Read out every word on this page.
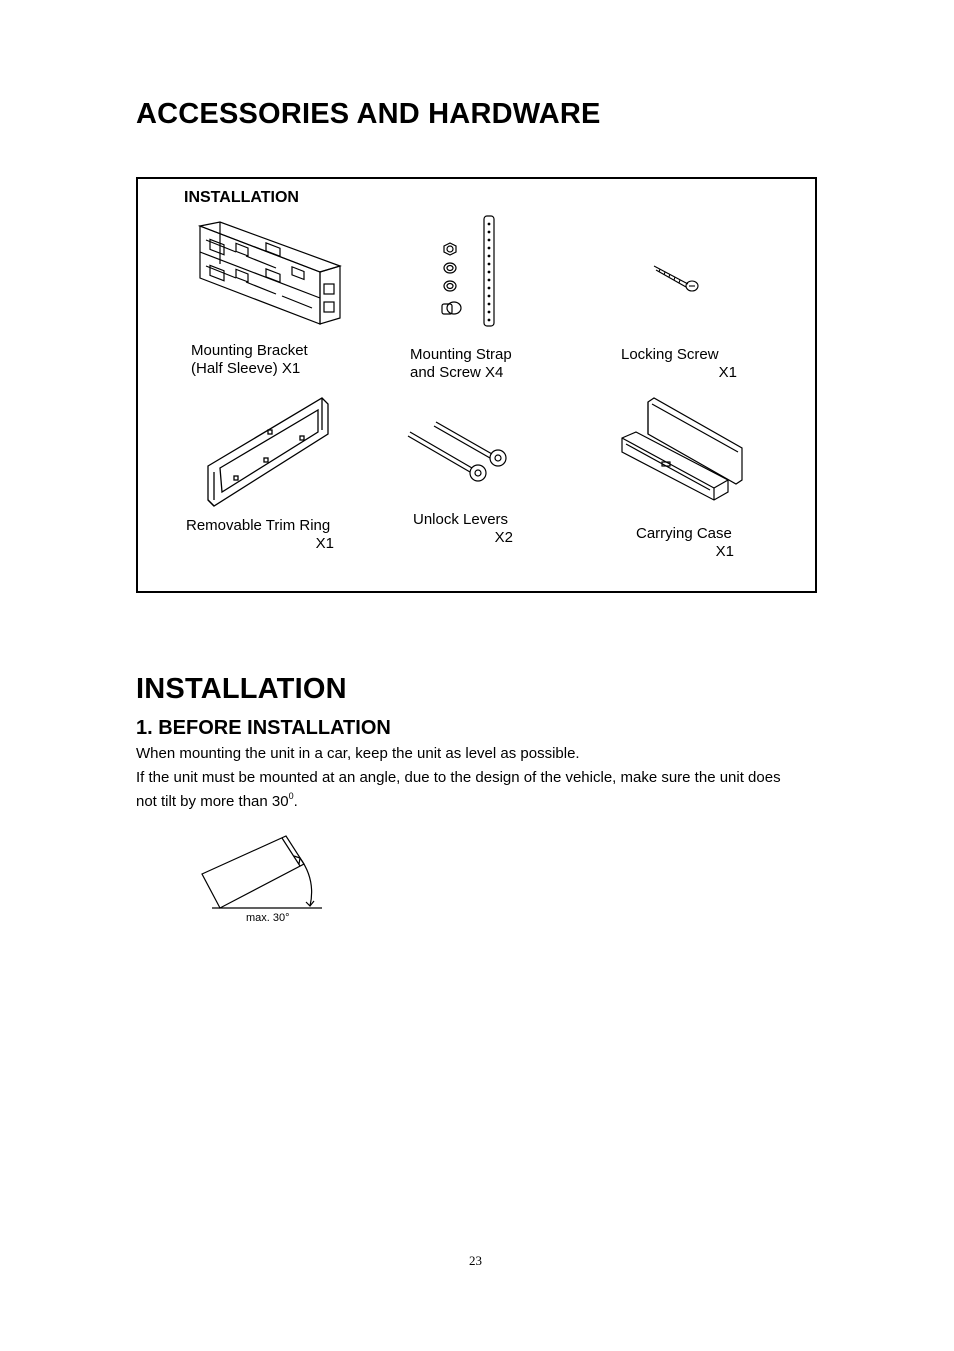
ACCESSORIES AND HARDWARE
INSTALLATION
Mounting Bracket
(Half Sleeve) X1
Mounting Strap
and Screw X4
Locking Screw
X1
Removable Trim Ring
X1
Unlock Levers
X2	Carrying Case
X1
INSTALLATION
1. BEFORE INSTALLATION
When mounting the unit in a car, keep the unit as level as possible.
If the unit must be mounted at an angle, due to the design of the vehicle, make sure the unit does
not tilt by more than $30^0$.
max. 30°
23
